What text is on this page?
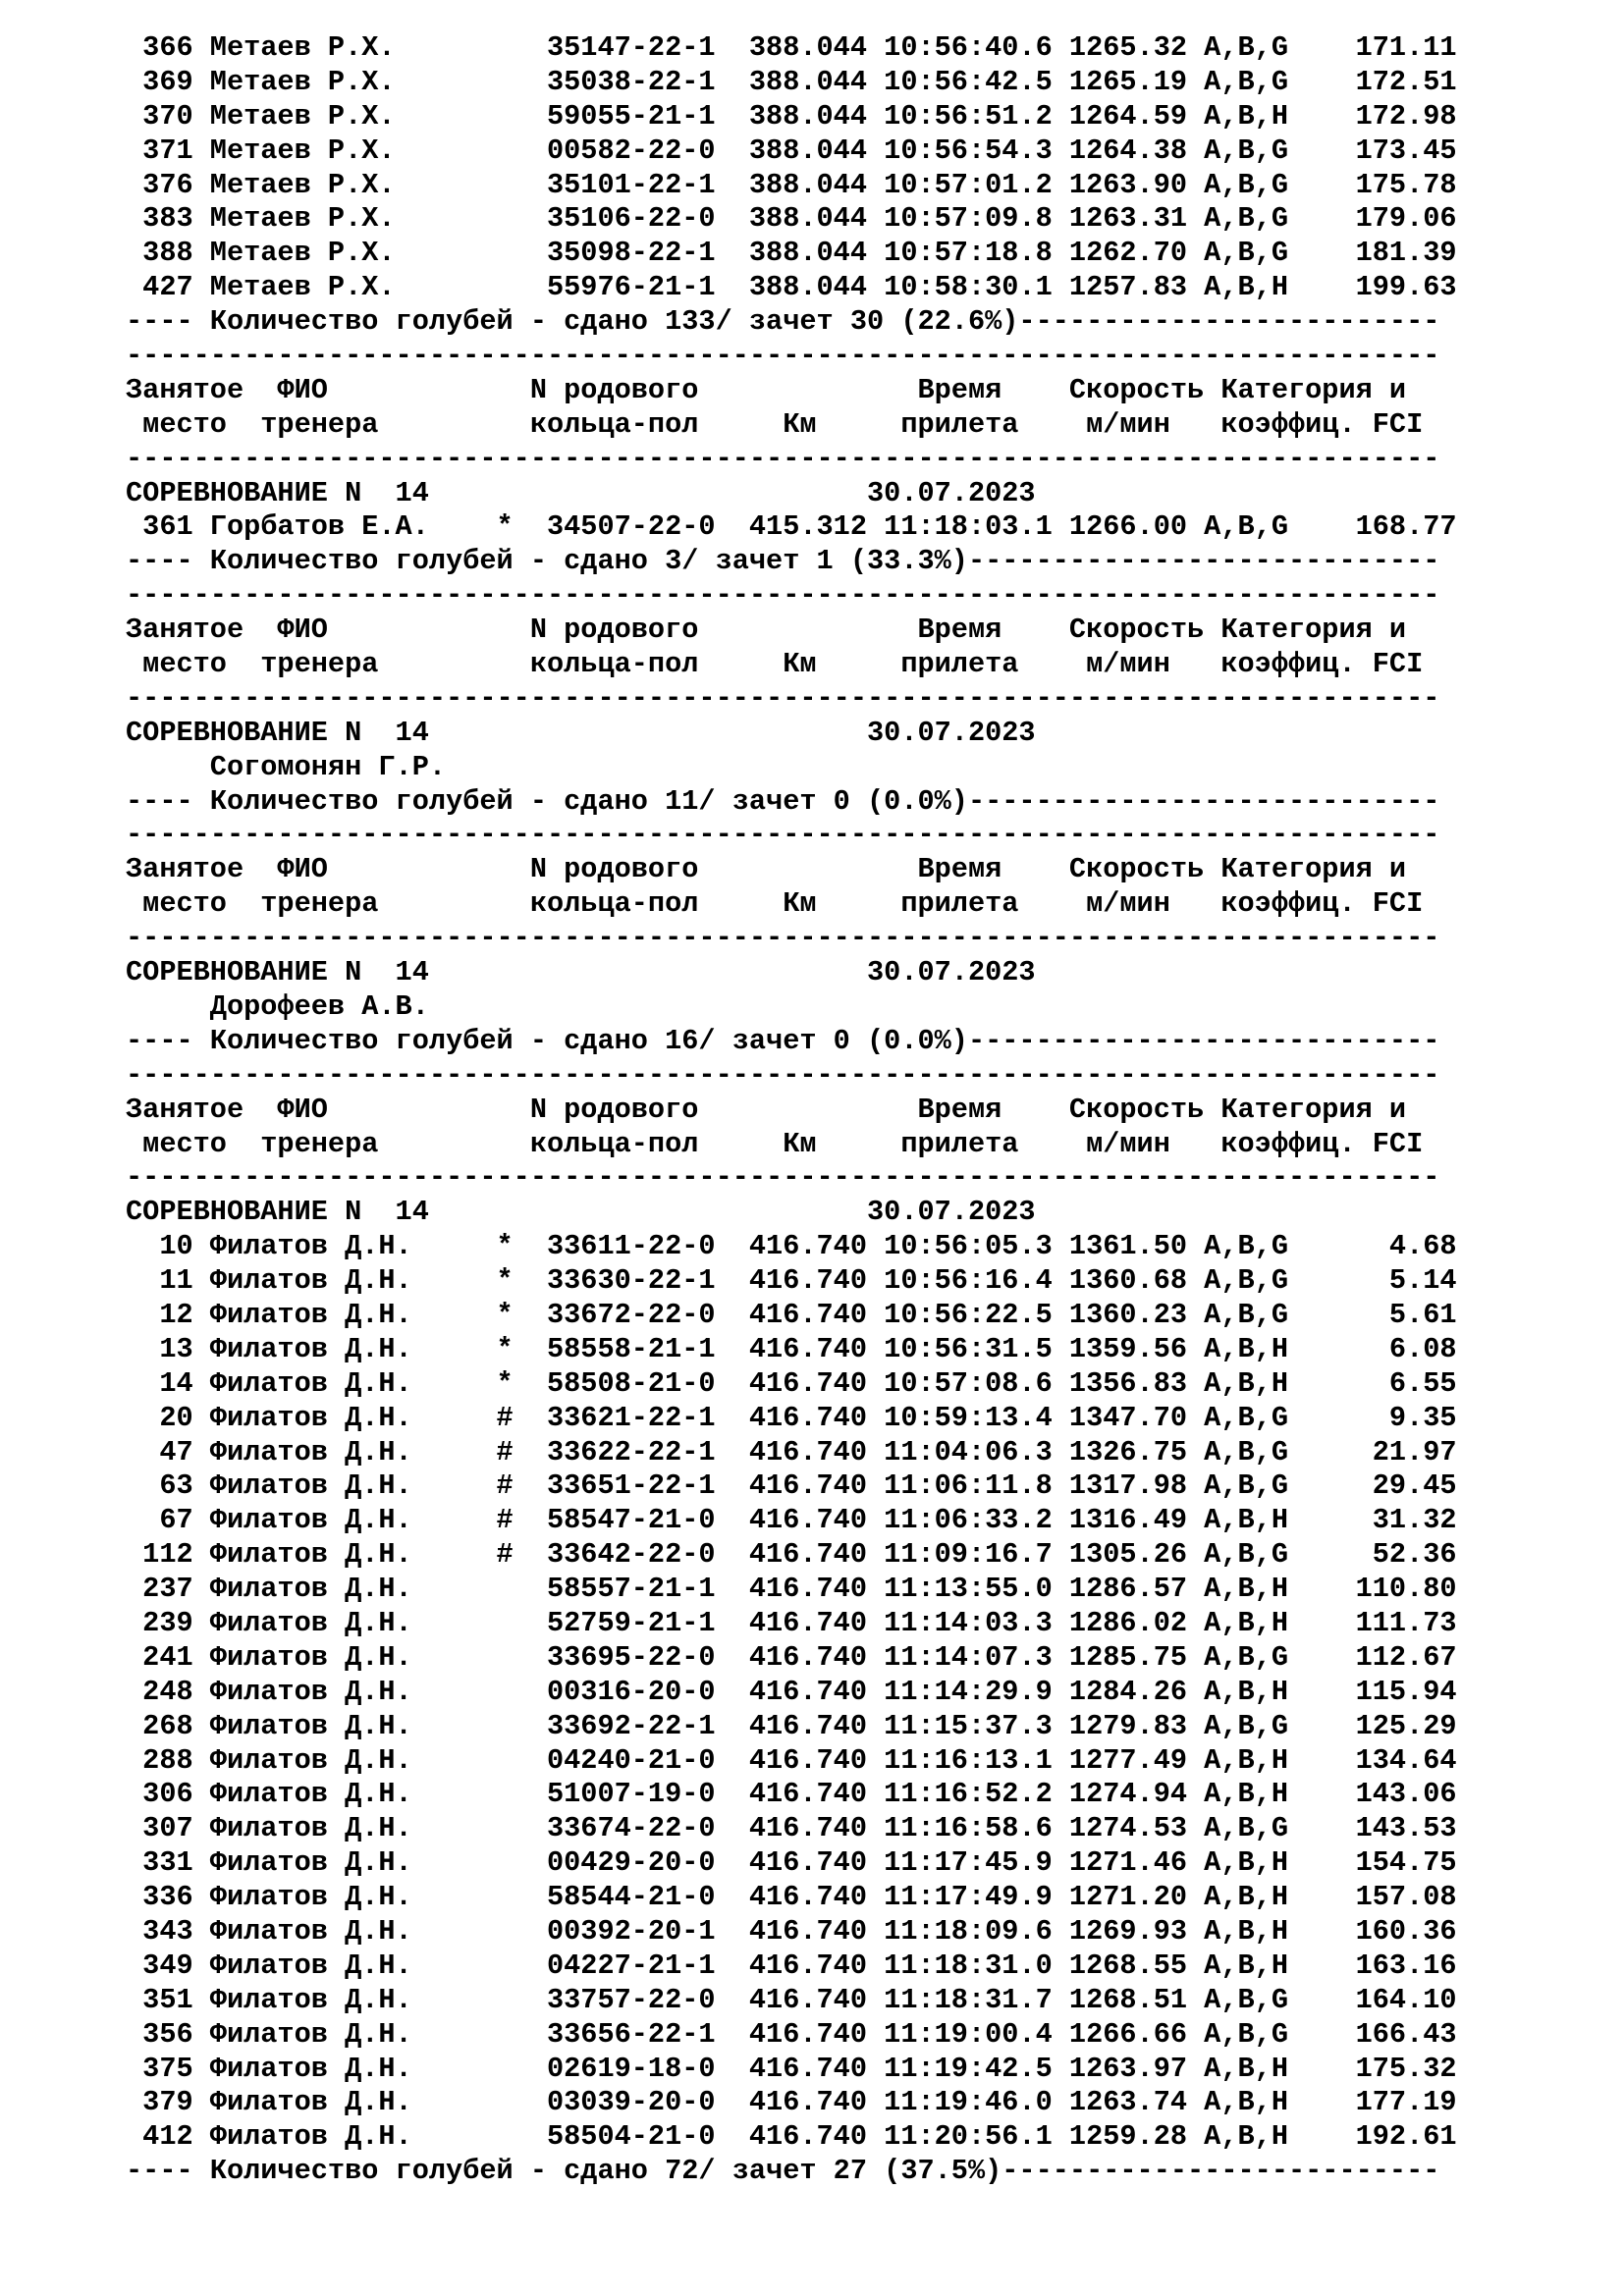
366 Метаев Р.Х.         35147-22-1  388.044 10:56:40.6 1265.32 A,B,G    171.11
369 Метаев Р.Х.         35038-22-1  388.044 10:56:42.5 1265.19 A,B,G    172.51
370 Метаев Р.Х.         59055-21-1  388.044 10:56:51.2 1264.59 A,B,H    172.98
371 Метаев Р.Х.         00582-22-0  388.044 10:56:54.3 1264.38 A,B,G    173.45
376 Метаев Р.Х.         35101-22-1  388.044 10:57:01.2 1263.90 A,B,G    175.78
383 Метаев Р.Х.         35106-22-0  388.044 10:57:09.8 1263.31 A,B,G    179.06
388 Метаев Р.Х.         35098-22-1  388.044 10:57:18.8 1262.70 A,B,G    181.39
427 Метаев Р.Х.         55976-21-1  388.044 10:58:30.1 1257.83 A,B,H    199.63
---- Количество голубей - сдано 133/ зачет 30 (22.6%)-------------------------
------------------------------------------------------------------------------
Занятое  ФИО            N родового             Время    Скорость Категория и
место  тренера         кольца-пол     Км     прилета    м/мин   коэффиц. FCI
------------------------------------------------------------------------------
СОРЕВНОВАНИЕ N  14                          30.07.2023
361 Горбатов Е.А.    *  34507-22-0  415.312 11:18:03.1 1266.00 A,B,G    168.77
---- Количество голубей - сдано 3/ зачет 1 (33.3%)----------------------------
------------------------------------------------------------------------------
Занятое  ФИО            N родового             Время    Скорость Категория и
место  тренера         кольца-пол     Км     прилета    м/мин   коэффиц. FCI
------------------------------------------------------------------------------
СОРЕВНОВАНИЕ N  14                          30.07.2023
Согомонян Г.Р.
---- Количество голубей - сдано 11/ зачет 0 (0.0%)----------------------------
------------------------------------------------------------------------------
Занятое  ФИО            N родового             Время    Скорость Категория и
место  тренера         кольца-пол     Км     прилета    м/мин   коэффиц. FCI
------------------------------------------------------------------------------
СОРЕВНОВАНИЕ N  14                          30.07.2023
Дорофеев А.В.
---- Количество голубей - сдано 16/ зачет 0 (0.0%)----------------------------
------------------------------------------------------------------------------
Занятое  ФИО            N родового             Время    Скорость Категория и
место  тренера         кольца-пол     Км     прилета    м/мин   коэффиц. FCI
------------------------------------------------------------------------------
СОРЕВНОВАНИЕ N  14                          30.07.2023
10 Филатов Д.Н.     *  33611-22-0  416.740 10:56:05.3 1361.50 A,B,G      4.68
11 Филатов Д.Н.     *  33630-22-1  416.740 10:56:16.4 1360.68 A,B,G      5.14
12 Филатов Д.Н.     *  33672-22-0  416.740 10:56:22.5 1360.23 A,B,G      5.61
13 Филатов Д.Н.     *  58558-21-1  416.740 10:56:31.5 1359.56 A,B,H      6.08
14 Филатов Д.Н.     *  58508-21-0  416.740 10:57:08.6 1356.83 A,B,H      6.55
20 Филатов Д.Н.     #  33621-22-1  416.740 10:59:13.4 1347.70 A,B,G      9.35
47 Филатов Д.Н.     #  33622-22-1  416.740 11:04:06.3 1326.75 A,B,G     21.97
63 Филатов Д.Н.     #  33651-22-1  416.740 11:06:11.8 1317.98 A,B,G     29.45
67 Филатов Д.Н.     #  58547-21-0  416.740 11:06:33.2 1316.49 A,B,H     31.32
112 Филатов Д.Н.     #  33642-22-0  416.740 11:09:16.7 1305.26 A,B,G     52.36
237 Филатов Д.Н.        58557-21-1  416.740 11:13:55.0 1286.57 A,B,H    110.80
239 Филатов Д.Н.        52759-21-1  416.740 11:14:03.3 1286.02 A,B,H    111.73
241 Филатов Д.Н.        33695-22-0  416.740 11:14:07.3 1285.75 A,B,G    112.67
248 Филатов Д.Н.        00316-20-0  416.740 11:14:29.9 1284.26 A,B,H    115.94
268 Филатов Д.Н.        33692-22-1  416.740 11:15:37.3 1279.83 A,B,G    125.29
288 Филатов Д.Н.        04240-21-0  416.740 11:16:13.1 1277.49 A,B,H    134.64
306 Филатов Д.Н.        51007-19-0  416.740 11:16:52.2 1274.94 A,B,H    143.06
307 Филатов Д.Н.        33674-22-0  416.740 11:16:58.6 1274.53 A,B,G    143.53
331 Филатов Д.Н.        00429-20-0  416.740 11:17:45.9 1271.46 A,B,H    154.75
336 Филатов Д.Н.        58544-21-0  416.740 11:17:49.9 1271.20 A,B,H    157.08
343 Филатов Д.Н.        00392-20-1  416.740 11:18:09.6 1269.93 A,B,H    160.36
349 Филатов Д.Н.        04227-21-1  416.740 11:18:31.0 1268.55 A,B,H    163.16
351 Филатов Д.Н.        33757-22-0  416.740 11:18:31.7 1268.51 A,B,G    164.10
356 Филатов Д.Н.        33656-22-1  416.740 11:19:00.4 1266.66 A,B,G    166.43
375 Филатов Д.Н.        02619-18-0  416.740 11:19:42.5 1263.97 A,B,H    175.32
379 Филатов Д.Н.        03039-20-0  416.740 11:19:46.0 1263.74 A,B,H    177.19
412 Филатов Д.Н.        58504-21-0  416.740 11:20:56.1 1259.28 A,B,H    192.61
---- Количество голубей - сдано 72/ зачет 27 (37.5%)--------------------------
